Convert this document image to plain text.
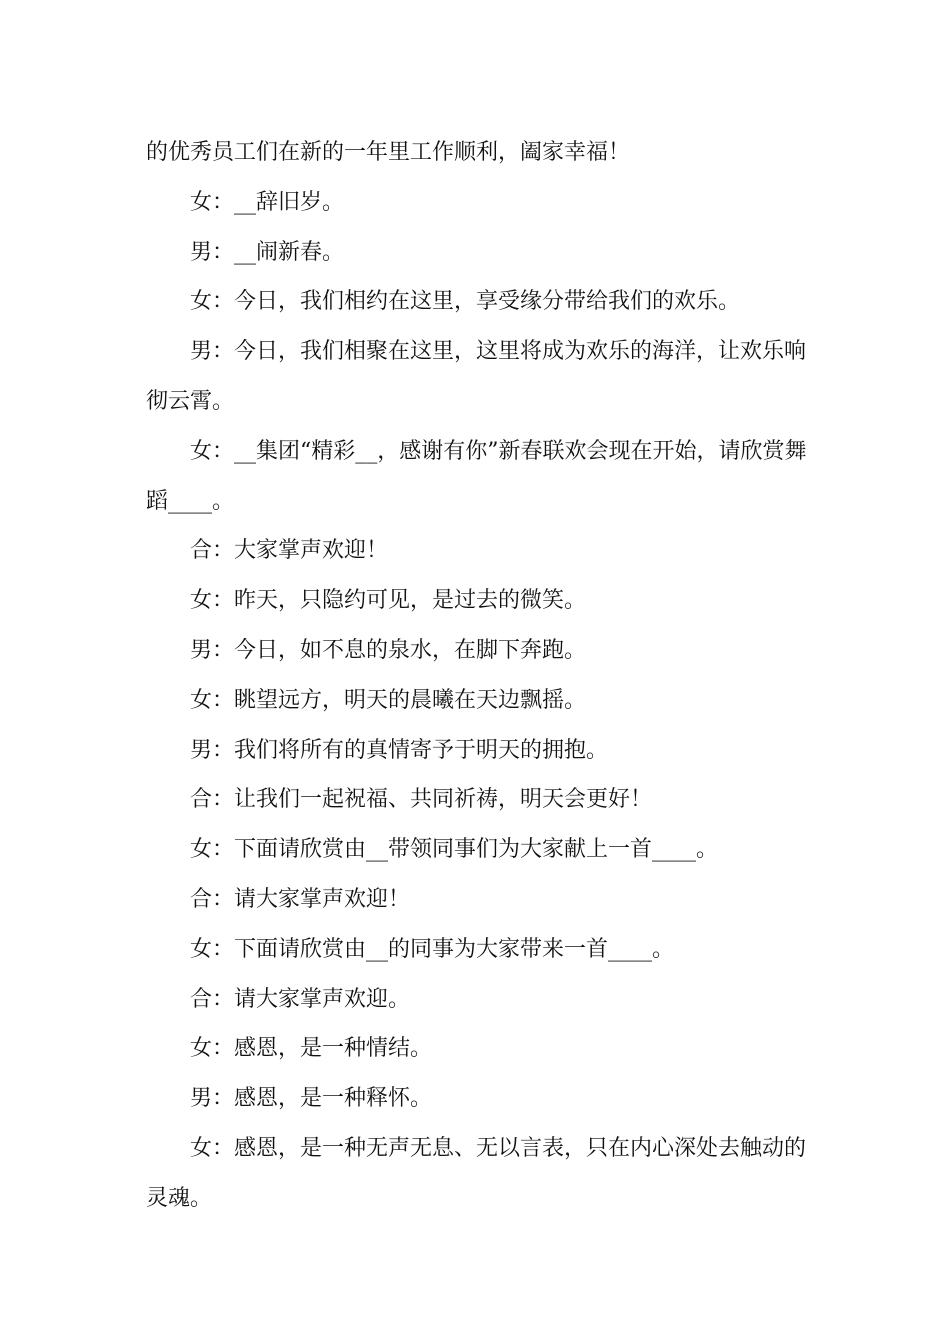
的优秀员工们在新的一年里工作顺利，阖家幸福！

女：__辞旧岁。

男：__闹新春。

女：今日，我们相约在这里，享受缘分带给我们的欢乐。

男：今日，我们相聚在这里，这里将成为欢乐的海洋，让欢乐响彻云霄。

女：__集团“精彩__，感谢有你”新春联欢会现在开始，请欣赏舞蹈____。

合：大家掌声欢迎！

女：昨天，只隐约可见，是过去的微笑。

男：今日，如不息的泉水，在脚下奔跑。

女：眺望远方，明天的晨曦在天边飘摇。

男：我们将所有的真情寄予于明天的拥抱。

合：让我们一起祝福、共同祈祷，明天会更好！

女：下面请欣赏由__带领同事们为大家献上一首____。

合：请大家掌声欢迎！

女：下面请欣赏由__的同事为大家带来一首____。

合：请大家掌声欢迎。

女：感恩，是一种情结。

男：感恩，是一种释怀。

女：感恩，是一种无声无息、无以言表，只在内心深处去触动的灵魂。
